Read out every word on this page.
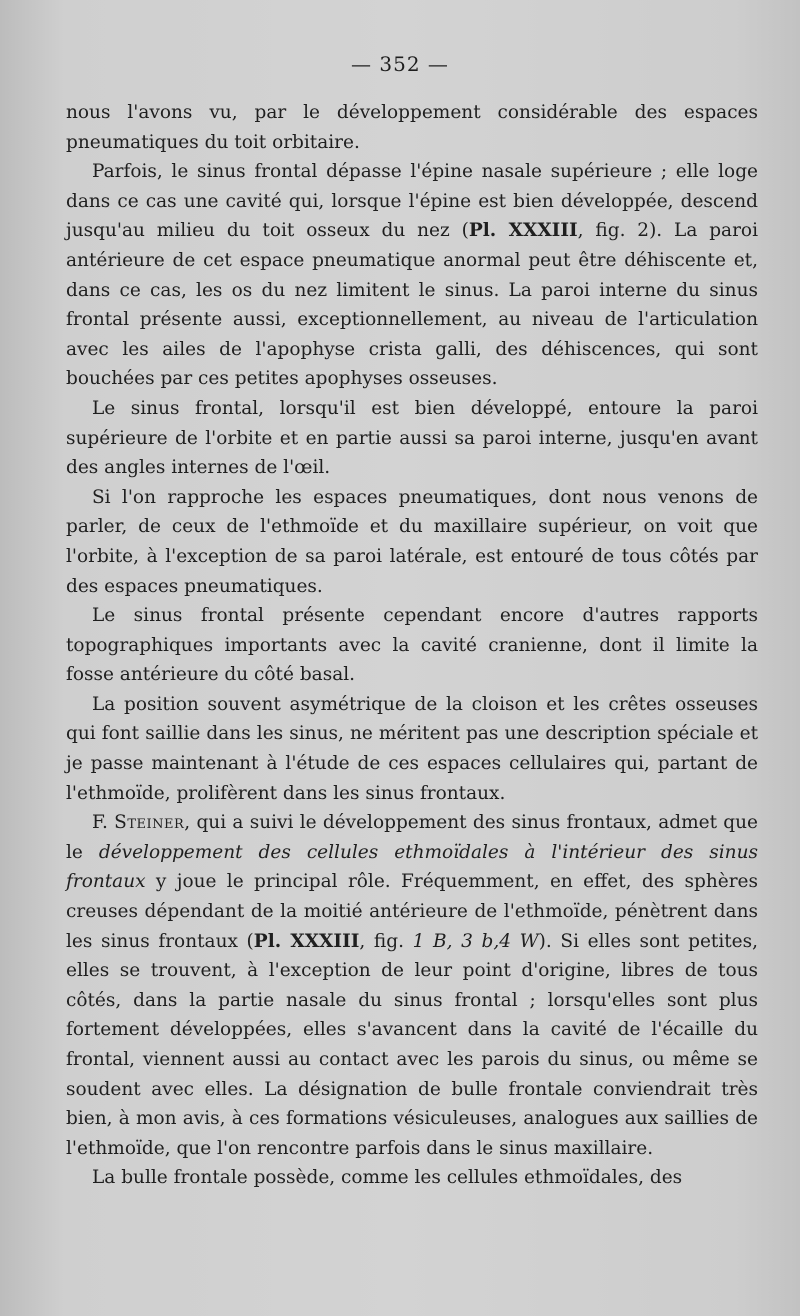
— 352 —

nous l'avons vu, par le développement considérable des espaces pneumatiques du toit orbitaire.

Parfois, le sinus frontal dépasse l'épine nasale supérieure ; elle loge dans ce cas une cavité qui, lorsque l'épine est bien développée, descend jusqu'au milieu du toit osseux du nez (Pl. XXXIII, fig. 2). La paroi antérieure de cet espace pneumatique anormal peut être déhiscente et, dans ce cas, les os du nez limitent le sinus. La paroi interne du sinus frontal présente aussi, exceptionnellement, au niveau de l'articulation avec les ailes de l'apophyse crista galli, des déhiscences, qui sont bouchées par ces petites apophyses osseuses.

Le sinus frontal, lorsqu'il est bien développé, entoure la paroi supérieure de l'orbite et en partie aussi sa paroi interne, jusqu'en avant des angles internes de l'œil.

Si l'on rapproche les espaces pneumatiques, dont nous venons de parler, de ceux de l'ethmoïde et du maxillaire supérieur, on voit que l'orbite, à l'exception de sa paroi latérale, est entouré de tous côtés par des espaces pneumatiques.

Le sinus frontal présente cependant encore d'autres rapports topographiques importants avec la cavité cranienne, dont il limite la fosse antérieure du côté basal.

La position souvent asymétrique de la cloison et les crêtes osseuses qui font saillie dans les sinus, ne méritent pas une description spéciale et je passe maintenant à l'étude de ces espaces cellulaires qui, partant de l'ethmoïde, prolifèrent dans les sinus frontaux.

F. Steiner, qui a suivi le développement des sinus frontaux, admet que le développement des cellules ethmoïdales à l'intérieur des sinus frontaux y joue le principal rôle. Fréquemment, en effet, des sphères creuses dépendant de la moitié antérieure de l'ethmoïde, pénètrent dans les sinus frontaux (Pl. XXXIII, fig. 1 B, 3 b,4 W). Si elles sont petites, elles se trouvent, à l'exception de leur point d'origine, libres de tous côtés, dans la partie nasale du sinus frontal ; lorsqu'elles sont plus fortement développées, elles s'avancent dans la cavité de l'écaille du frontal, viennent aussi au contact avec les parois du sinus, ou même se soudent avec elles. La désignation de bulle frontale conviendrait très bien, à mon avis, à ces formations vésiculeuses, analogues aux saillies de l'ethmoïde, que l'on rencontre parfois dans le sinus maxillaire.

La bulle frontale possède, comme les cellules ethmoïdales, des
